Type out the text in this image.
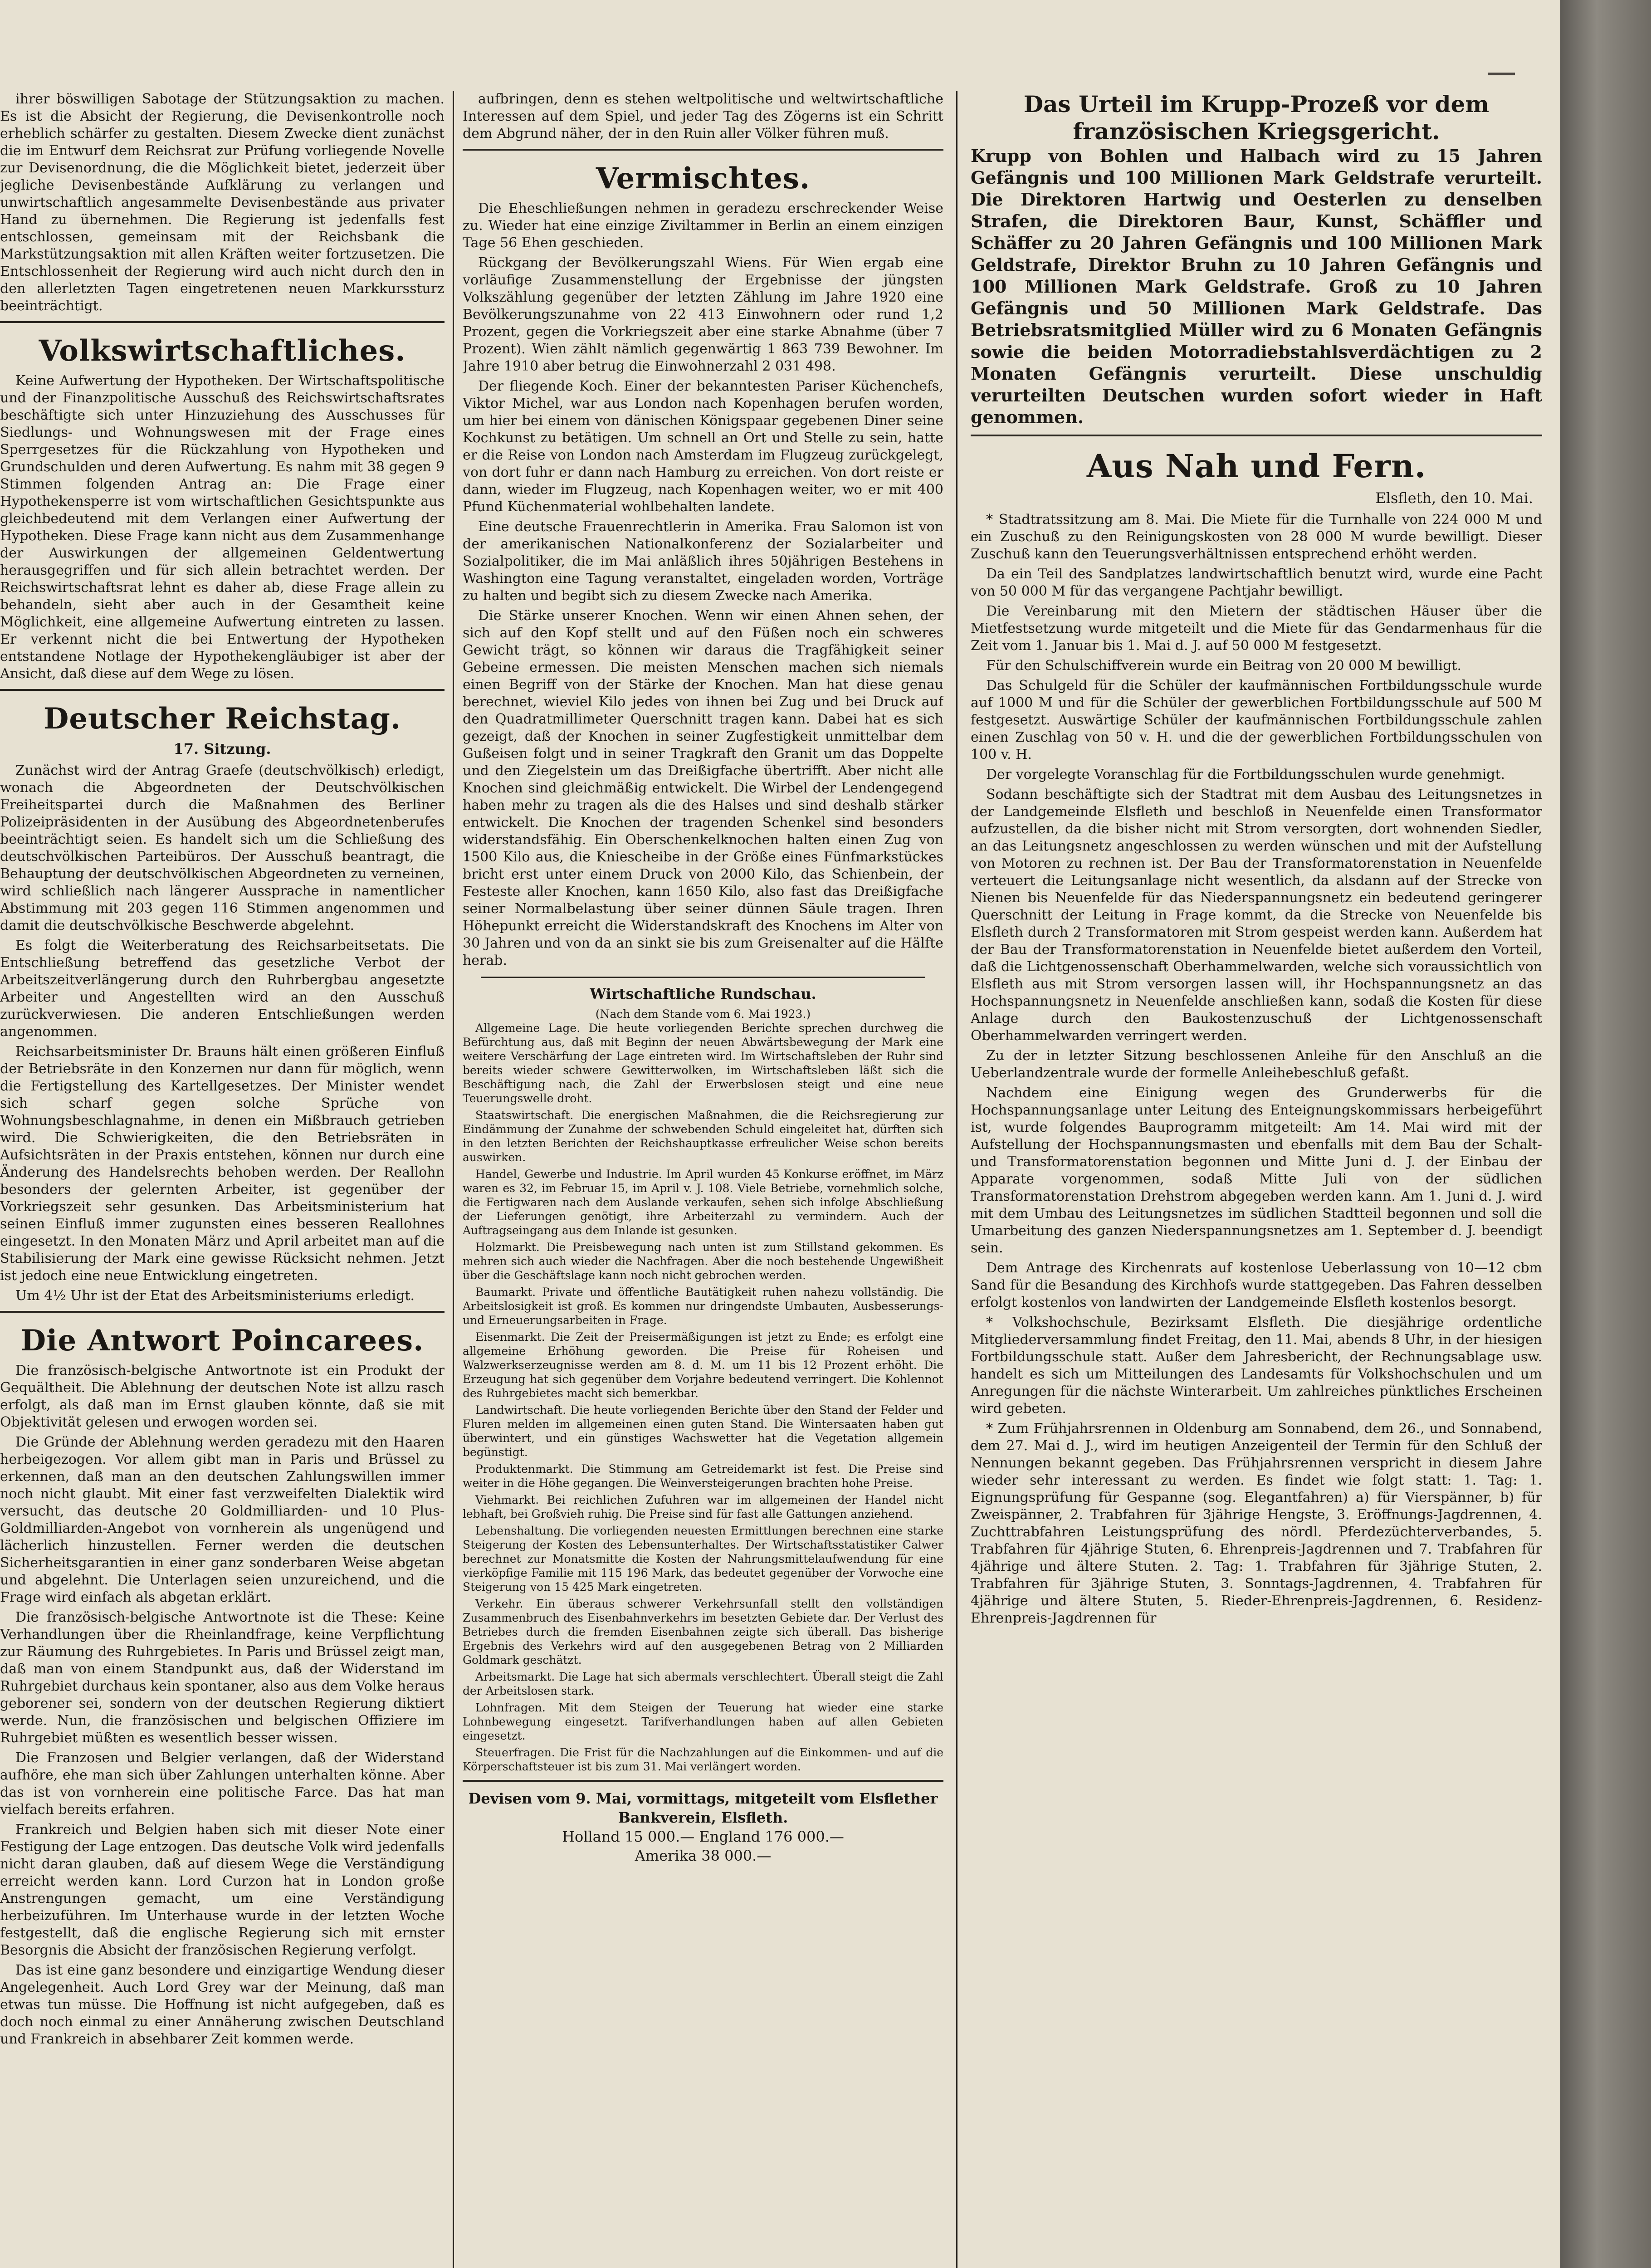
ihrer böswilligen Sabotage der Stützungsaktion zu machen. Es ist die Absicht der Regierung, die Devisenkontrolle noch erheblich schärfer zu gestalten. Diesem Zwecke dient zunächst die im Entwurf dem Reichsrat zur Prüfung vorliegende Novelle zur Devisenordnung, die die Möglichkeit bietet, jederzeit über jegliche Devisenbestände Aufklärung zu verlangen und unwirtschaftlich angesammelte Devisenbestände aus privater Hand zu übernehmen. Die Regierung ist jedenfalls fest entschlossen, gemeinsam mit der Reichsbank die Markstützungsaktion mit allen Kräften weiter fortzusetzen. Die Entschlossenheit der Regierung wird auch nicht durch den in den allerletzten Tagen eingetretenen neuen Markkurssturz beeinträchtigt.

Volkswirtschaftliches.

Keine Aufwertung der Hypotheken. Der Wirtschaftspolitische und der Finanzpolitische Ausschuß des Reichswirtschaftsrates beschäftigte sich unter Hinzuziehung des Ausschusses für Siedlungs- und Wohnungswesen mit der Frage eines Sperrgesetzes für die Rückzahlung von Hypotheken und Grundschulden und deren Aufwertung. Es nahm mit 38 gegen 9 Stimmen folgenden Antrag an: Die Frage einer Hypothekensperre ist vom wirtschaftlichen Gesichtspunkte aus gleichbedeutend mit dem Verlangen einer Aufwertung der Hypotheken. Diese Frage kann nicht aus dem Zusammenhange der Auswirkungen der allgemeinen Geldentwertung herausgegriffen und für sich allein betrachtet werden. Der Reichswirtschaftsrat lehnt es daher ab, diese Frage allein zu behandeln, sieht aber auch in der Gesamtheit keine Möglichkeit, eine allgemeine Aufwertung eintreten zu lassen. Er verkennt nicht die bei Entwertung der Hypotheken entstandene Notlage der Hypothekengläubiger ist aber der Ansicht, daß diese auf dem Wege zu lösen.

Deutscher Reichstag.
17. Sitzung.

Zunächst wird der Antrag Graefe (deutschvölkisch) erledigt, wonach die Abgeordneten der Deutschvölkischen Freiheitspartei durch die Maßnahmen des Berliner Polizeipräsidenten in der Ausübung des Abgeordnetenberufes beeinträchtigt seien. Es handelt sich um die Schließung des deutschvölkischen Parteibüros. Der Ausschuß beantragt, die Behauptung der deutschvölkischen Abgeordneten zu verneinen, wird schließlich nach längerer Aussprache in namentlicher Abstimmung mit 203 gegen 116 Stimmen angenommen und damit die deutschvölkische Beschwerde abgelehnt.

Es folgt die Weiterberatung des Reichsarbeitsetats. Die Entschließung betreffend das gesetzliche Verbot der Arbeitszeitverlängerung durch den Ruhrbergbau angesetzte Arbeiter und Angestellten wird an den Ausschuß zurückverwiesen. Die anderen Entschließungen werden angenommen.

Reichsarbeitsminister Dr. Brauns hält einen größeren Einfluß der Betriebsräte in den Konzernen nur dann für möglich, wenn die Fertigstellung des Kartellgesetzes. Der Minister wendet sich scharf gegen solche Sprüche von Wohnungsbeschlagnahme, in denen ein Mißbrauch getrieben wird. Die Schwierigkeiten, die den Betriebsräten in Aufsichtsräten in der Praxis entstehen, können nur durch eine Änderung des Handelsrechts behoben werden. Der Reallohn besonders der gelernten Arbeiter, ist gegenüber der Vorkriegszeit sehr gesunken. Das Arbeitsministerium hat seinen Einfluß immer zugunsten eines besseren Reallohnes eingesetzt. In den Monaten März und April arbeitet man auf die Stabilisierung der Mark eine gewisse Rücksicht nehmen. Jetzt ist jedoch eine neue Entwicklung eingetreten.

Um 4½ Uhr ist der Etat des Arbeitsministeriums erledigt.

Die Antwort Poincarees.

Die französisch-belgische Antwortnote ist ein Produkt der Gequältheit. Die Ablehnung der deutschen Note ist allzu rasch erfolgt, als daß man im Ernst glauben könnte, daß sie mit Objektivität gelesen und erwogen worden sei.

Die Gründe der Ablehnung werden geradezu mit den Haaren herbeigezogen. Vor allem gibt man in Paris und Brüssel zu erkennen, daß man an den deutschen Zahlungswillen immer noch nicht glaubt. Mit einer fast verzweifelten Dialektik wird versucht, das deutsche 20 Goldmilliarden- und 10 Plus-Goldmilliarden-Angebot von vornherein als ungenügend und lächerlich hinzustellen. Ferner werden die deutschen Sicherheitsgarantien in einer ganz sonderbaren Weise abgetan und abgelehnt. Die Unterlagen seien unzureichend, und die Frage wird einfach als abgetan erklärt.

Die französisch-belgische Antwortnote ist die These: Keine Verhandlungen über die Rheinlandfrage, keine Verpflichtung zur Räumung des Ruhrgebietes. In Paris und Brüssel zeigt man, daß man von einem Standpunkt aus, daß der Widerstand im Ruhrgebiet durchaus kein spontaner, also aus dem Volke heraus geborener sei, sondern von der deutschen Regierung diktiert werde. Nun, die französischen und belgischen Offiziere im Ruhrgebiet müßten es wesentlich besser wissen.

Die Franzosen und Belgier verlangen, daß der Widerstand aufhöre, ehe man sich über Zahlungen unterhalten könne. Aber das ist von vornherein eine politische Farce. Das hat man vielfach bereits erfahren.

Frankreich und Belgien haben sich mit dieser Note einer Festigung der Lage entzogen. Das deutsche Volk wird jedenfalls nicht daran glauben, daß auf diesem Wege die Verständigung erreicht werden kann. Lord Curzon hat in London große Anstrengungen gemacht, um eine Verständigung herbeizuführen. Im Unterhause wurde in der letzten Woche festgestellt, daß die englische Regierung sich mit ernster Besorgnis die Absicht der französischen Regierung verfolgt.

Das ist eine ganz besondere und einzigartige Wendung dieser Angelegenheit. Auch Lord Grey war der Meinung, daß man etwas tun müsse. Die Hoffnung ist nicht aufgegeben, daß es doch noch einmal zu einer Annäherung zwischen Deutschland und Frankreich in absehbarer Zeit kommen werde.

aufbringen, denn es stehen weltpolitische und weltwirtschaftliche Interessen auf dem Spiel, und jeder Tag des Zögerns ist ein Schritt dem Abgrund näher, der in den Ruin aller Völker führen muß.

Vermischtes.

Die Eheschließungen nehmen in geradezu erschreckender Weise zu. Wieder hat eine einzige Ziviltammer in Berlin an einem einzigen Tage 56 Ehen geschieden.

Rückgang der Bevölkerungszahl Wiens. Für Wien ergab eine vorläufige Zusammenstellung der Ergebnisse der jüngsten Volkszählung gegenüber der letzten Zählung im Jahre 1920 eine Bevölkerungszunahme von 22 413 Einwohnern oder rund 1,2 Prozent, gegen die Vorkriegszeit aber eine starke Abnahme (über 7 Prozent). Wien zählt nämlich gegenwärtig 1 863 739 Bewohner. Im Jahre 1910 aber betrug die Einwohnerzahl 2 031 498.

Der fliegende Koch. Einer der bekanntesten Pariser Küchenchefs, Viktor Michel, war aus London nach Kopenhagen berufen worden, um hier bei einem von dänischen Königspaar gegebenen Diner seine Kochkunst zu betätigen. Um schnell an Ort und Stelle zu sein, hatte er die Reise von London nach Amsterdam im Flugzeug zurückgelegt, von dort fuhr er dann nach Hamburg zu erreichen. Von dort reiste er dann, wieder im Flugzeug, nach Kopenhagen weiter, wo er mit 400 Pfund Küchenmaterial wohlbehalten landete.

Eine deutsche Frauenrechtlerin in Amerika. Frau Salomon ist von der amerikanischen Nationalkonferenz der Sozialarbeiter und Sozialpolitiker, die im Mai anläßlich ihres 50jährigen Bestehens in Washington eine Tagung veranstaltet, eingeladen worden, Vorträge zu halten und begibt sich zu diesem Zwecke nach Amerika.

Die Stärke unserer Knochen. Wenn wir einen Ahnen sehen, der sich auf den Kopf stellt und auf den Füßen noch ein schweres Gewicht trägt, so können wir daraus die Tragfähigkeit seiner Gebeine ermessen. Die meisten Menschen machen sich niemals einen Begriff von der Stärke der Knochen. Man hat diese genau berechnet, wieviel Kilo jedes von ihnen bei Zug und bei Druck auf den Quadratmillimeter Querschnitt tragen kann. Dabei hat es sich gezeigt, daß der Knochen in seiner Zugfestigkeit unmittelbar dem Gußeisen folgt und in seiner Tragkraft den Granit um das Doppelte und den Ziegelstein um das Dreißigfache übertrifft. Aber nicht alle Knochen sind gleichmäßig entwickelt. Die Wirbel der Lendengegend haben mehr zu tragen als die des Halses und sind deshalb stärker entwickelt. Die Knochen der tragenden Schenkel sind besonders widerstandsfähig. Ein Oberschenkelknochen halten einen Zug von 1500 Kilo aus, die Kniescheibe in der Größe eines Fünfmarkstückes bricht erst unter einem Druck von 2000 Kilo, das Schienbein, der Festeste aller Knochen, kann 1650 Kilo, also fast das Dreißigfache seiner Normalbelastung über seiner dünnen Säule tragen. Ihren Höhepunkt erreicht die Widerstandskraft des Knochens im Alter von 30 Jahren und von da an sinkt sie bis zum Greisenalter auf die Hälfte herab.

Wirtschaftliche Rundschau.
(Nach dem Stande vom 6. Mai 1923.)

Allgemeine Lage. Die heute vorliegenden Berichte sprechen durchweg die Befürchtung aus, daß mit Beginn der neuen Abwärtsbewegung der Mark eine weitere Verschärfung der Lage eintreten wird. Im Wirtschaftsleben der Ruhr sind bereits wieder schwere Gewitterwolken, im Wirtschaftsleben läßt sich die Beschäftigung nach, die Zahl der Erwerbslosen steigt und eine neue Teuerungswelle droht.

Staatswirtschaft. Die energischen Maßnahmen, die die Reichsregierung zur Eindämmung der Zunahme der schwebenden Schuld eingeleitet hat, dürften sich in den letzten Berichten der Reichshauptkasse erfreulicher Weise schon bereits auswirken.

Handel, Gewerbe und Industrie. Im April wurden 45 Konkurse eröffnet, im März waren es 32, im Februar 15, im April v. J. 108. Viele Betriebe, vornehmlich solche, die Fertigwaren nach dem Auslande verkaufen, sehen sich infolge Abschließung der Lieferungen genötigt, ihre Arbeiterzahl zu vermindern. Auch der Auftragseingang aus dem Inlande ist gesunken.

Holzmarkt. Die Preisbewegung nach unten ist zum Stillstand gekommen. Es mehren sich auch wieder die Nachfragen. Aber die noch bestehende Ungewißheit über die Geschäftslage kann noch nicht gebrochen werden.

Baumarkt. Private und öffentliche Bautätigkeit ruhen nahezu vollständig. Die Arbeitslosigkeit ist groß. Es kommen nur dringendste Umbauten, Ausbesserungs- und Erneuerungsarbeiten in Frage.

Eisenmarkt. Die Zeit der Preisermäßigungen ist jetzt zu Ende; es erfolgt eine allgemeine Erhöhung geworden. Die Preise für Roheisen und Walzwerkserzeugnisse werden am 8. d. M. um 11 bis 12 Prozent erhöht. Die Erzeugung hat sich gegenüber dem Vorjahre bedeutend verringert. Die Kohlennot des Ruhrgebietes macht sich bemerkbar.

Landwirtschaft. Die heute vorliegenden Berichte über den Stand der Felder und Fluren melden im allgemeinen einen guten Stand. Die Wintersaaten haben gut überwintert, und ein günstiges Wachswetter hat die Vegetation allgemein begünstigt.

Produktenmarkt. Die Stimmung am Getreidemarkt ist fest. Die Preise sind weiter in die Höhe gegangen. Die Weinversteigerungen brachten hohe Preise.

Viehmarkt. Bei reichlichen Zufuhren war im allgemeinen der Handel nicht lebhaft, bei Großvieh ruhig. Die Preise sind für fast alle Gattungen anziehend.

Lebenshaltung. Die vorliegenden neuesten Ermittlungen berechnen eine starke Steigerung der Kosten des Lebensunterhaltes. Der Wirtschaftsstatistiker Calwer berechnet zur Monatsmitte die Kosten der Nahrungsmittelaufwendung für eine vierköpfige Familie mit 115 196 Mark, das bedeutet gegenüber der Vorwoche eine Steigerung von 15 425 Mark eingetreten.

Verkehr. Ein überaus schwerer Verkehrsunfall stellt den vollständigen Zusammenbruch des Eisenbahnverkehrs im besetzten Gebiete dar. Der Verlust des Betriebes durch die fremden Eisenbahnen zeigte sich überall. Das bisherige Ergebnis des Verkehrs wird auf den ausgegebenen Betrag von 2 Milliarden Goldmark geschätzt.

Arbeitsmarkt. Die Lage hat sich abermals verschlechtert. Überall steigt die Zahl der Arbeitslosen stark.

Lohnfragen. Mit dem Steigen der Teuerung hat wieder eine starke Lohnbewegung eingesetzt. Tarifverhandlungen haben auf allen Gebieten eingesetzt.

Steuerfragen. Die Frist für die Nachzahlungen auf die Einkommen- und auf die Körperschaftsteuer ist bis zum 31. Mai verlängert worden.

Devisen vom 9. Mai, vormittags, mitgeteilt vom Elsflether Bankverein, Elsfleth.
Holland 15 000.— England 176 000.—
Amerika 38 000.—
Das Urteil im Krupp-Prozeß vor dem französischen Kriegsgericht.

Krupp von Bohlen und Halbach wird zu 15 Jahren Gefängnis und 100 Millionen Mark Geldstrafe verurteilt. Die Direktoren Hartwig und Oesterlen zu denselben Strafen, die Direktoren Baur, Kunst, Schäffler und Schäffer zu 20 Jahren Gefängnis und 100 Millionen Mark Geldstrafe, Direktor Bruhn zu 10 Jahren Gefängnis und 100 Millionen Mark Geldstrafe. Groß zu 10 Jahren Gefängnis und 50 Millionen Mark Geldstrafe. Das Betriebsratsmitglied Müller wird zu 6 Monaten Gefängnis sowie die beiden Motorradiebstahlsverdächtigen zu 2 Monaten Gefängnis verurteilt. Diese unschuldig verurteilten Deutschen wurden sofort wieder in Haft genommen.

Aus Nah und Fern.
Elsfleth, den 10. Mai.

* Stadtratssitzung am 8. Mai. Die Miete für die Turnhalle von 224 000 M und ein Zuschuß zu den Reinigungskosten von 28 000 M wurde bewilligt. Dieser Zuschuß kann den Teuerungsverhältnissen entsprechend erhöht werden.

Da ein Teil des Sandplatzes landwirtschaftlich benutzt wird, wurde eine Pacht von 50 000 M für das vergangene Pachtjahr bewilligt.

Die Vereinbarung mit den Mietern der städtischen Häuser über die Mietfestsetzung wurde mitgeteilt und die Miete für das Gendarmenhaus für die Zeit vom 1. Januar bis 1. Mai d. J. auf 50 000 M festgesetzt.

Für den Schulschiffverein wurde ein Beitrag von 20 000 M bewilligt.

Das Schulgeld für die Schüler der kaufmännischen Fortbildungsschule wurde auf 1000 M und für die Schüler der gewerblichen Fortbildungsschule auf 500 M festgesetzt. Auswärtige Schüler der kaufmännischen Fortbildungsschule zahlen einen Zuschlag von 50 v. H. und die der gewerblichen Fortbildungsschulen von 100 v. H.

Der vorgelegte Voranschlag für die Fortbildungsschulen wurde genehmigt.

Sodann beschäftigte sich der Stadtrat mit dem Ausbau des Leitungsnetzes in der Landgemeinde Elsfleth und beschloß in Neuenfelde einen Transformator aufzustellen, da die bisher nicht mit Strom versorgten, dort wohnenden Siedler, an das Leitungsnetz angeschlossen zu werden wünschen und mit der Aufstellung von Motoren zu rechnen ist. Der Bau der Transformatorenstation in Neuenfelde verteuert die Leitungsanlage nicht wesentlich, da alsdann auf der Strecke von Nienen bis Neuenfelde für das Niederspannungsnetz ein bedeutend geringerer Querschnitt der Leitung in Frage kommt, da die Strecke von Neuenfelde bis Elsfleth durch 2 Transformatoren mit Strom gespeist werden kann. Außerdem hat der Bau der Transformatorenstation in Neuenfelde bietet außerdem den Vorteil, daß die Lichtgenossenschaft Oberhammelwarden, welche sich voraussichtlich von Elsfleth aus mit Strom versorgen lassen will, ihr Hochspannungsnetz an das Hochspannungsnetz in Neuenfelde anschließen kann, sodaß die Kosten für diese Anlage durch den Baukostenzuschuß der Lichtgenossenschaft Oberhammelwarden verringert werden.

Zu der in letzter Sitzung beschlossenen Anleihe für den Anschluß an die Ueberlandzentrale wurde der formelle Anleihebeschluß gefaßt.

Nachdem eine Einigung wegen des Grunderwerbs für die Hochspannungsanlage unter Leitung des Enteignungskommissars herbeigeführt ist, wurde folgendes Bauprogramm mitgeteilt: Am 14. Mai wird mit der Aufstellung der Hochspannungsmasten und ebenfalls mit dem Bau der Schalt- und Transformatorenstation begonnen und Mitte Juni d. J. der Einbau der Apparate vorgenommen, sodaß Mitte Juli von der südlichen Transformatorenstation Drehstrom abgegeben werden kann. Am 1. Juni d. J. wird mit dem Umbau des Leitungsnetzes im südlichen Stadtteil begonnen und soll die Umarbeitung des ganzen Niederspannungsnetzes am 1. September d. J. beendigt sein.

Dem Antrage des Kirchenrats auf kostenlose Ueberlassung von 10—12 cbm Sand für die Besandung des Kirchhofs wurde stattgegeben. Das Fahren desselben erfolgt kostenlos von landwirten der Landgemeinde Elsfleth kostenlos besorgt.

* Volkshochschule, Bezirksamt Elsfleth. Die diesjährige ordentliche Mitgliederversammlung findet Freitag, den 11. Mai, abends 8 Uhr, in der hiesigen Fortbildungsschule statt. Außer dem Jahresbericht, der Rechnungsablage usw. handelt es sich um Mitteilungen des Landesamts für Volkshochschulen und um Anregungen für die nächste Winterarbeit. Um zahlreiches pünktliches Erscheinen wird gebeten.

* Zum Frühjahrsrennen in Oldenburg am Sonnabend, dem 26., und Sonnabend, dem 27. Mai d. J., wird im heutigen Anzeigenteil der Termin für den Schluß der Nennungen bekannt gegeben. Das Frühjahrsrennen verspricht in diesem Jahre wieder sehr interessant zu werden. Es findet wie folgt statt: 1. Tag: 1. Eignungsprüfung für Gespanne (sog. Elegantfahren) a) für Vierspänner, b) für Zweispänner, 2. Trabfahren für 3jährige Hengste, 3. Eröffnungs-Jagdrennen, 4. Zuchttrabfahren Leistungsprüfung des nördl. Pferdezüchterverbandes, 5. Trabfahren für 4jährige Stuten, 6. Ehrenpreis-Jagdrennen und 7. Trabfahren für 4jährige und ältere Stuten. 2. Tag: 1. Trabfahren für 3jährige Stuten, 2. Trabfahren für 3jährige Stuten, 3. Sonntags-Jagdrennen, 4. Trabfahren für 4jährige und ältere Stuten, 5. Rieder-Ehrenpreis-Jagdrennen, 6. Residenz-Ehrenpreis-Jagdrennen für
